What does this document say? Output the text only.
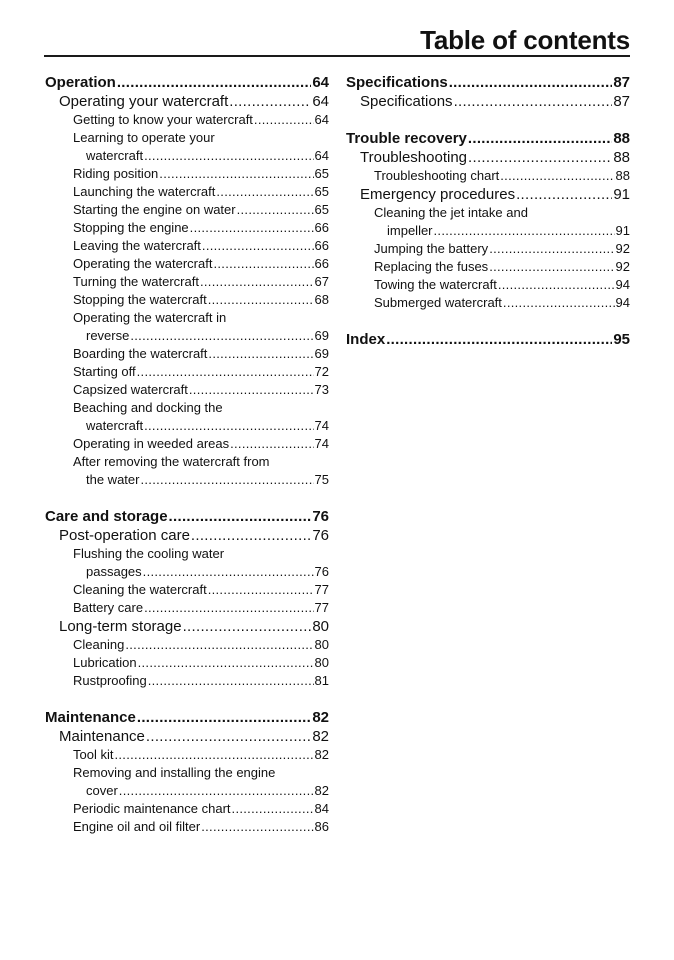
Table of contents
Operation .....	64
Operating your watercraft .....	64
Getting to know your watercraft .....	64
Learning to operate your
watercraft .....	64
Riding position .....	65
Launching the watercraft .....	65
Starting the engine on water .....	65
Stopping the engine .....	66
Leaving the watercraft .....	66
Operating the watercraft .....	66
Turning the watercraft .....	67
Stopping the watercraft .....	68
Operating the watercraft in
reverse .....	69
Boarding the watercraft .....	69
Starting off .....	72
Capsized watercraft .....	73
Beaching and docking the
watercraft .....	74
Operating in weeded areas .....	74
After removing the watercraft from
the water .....	75
Care and storage .....	76
Post-operation care .....	76
Flushing the cooling water
passages .....	76
Cleaning the watercraft .....	77
Battery care .....	77
Long-term storage .....	80
Cleaning .....	80
Lubrication .....	80
Rustproofing .....	81
Maintenance .....	82
Maintenance .....	82
Tool kit .....	82
Removing and installing the engine
cover .....	82
Periodic maintenance chart .....	84
Engine oil and oil filter .....	86
Specifications .....	87
Specifications .....	87
Trouble recovery .....	88
Troubleshooting .....	88
Troubleshooting chart .....	88
Emergency procedures .....	91
Cleaning the jet intake and
impeller .....	91
Jumping the battery .....	92
Replacing the fuses .....	92
Towing the watercraft .....	94
Submerged watercraft .....	94
Index .....	95
